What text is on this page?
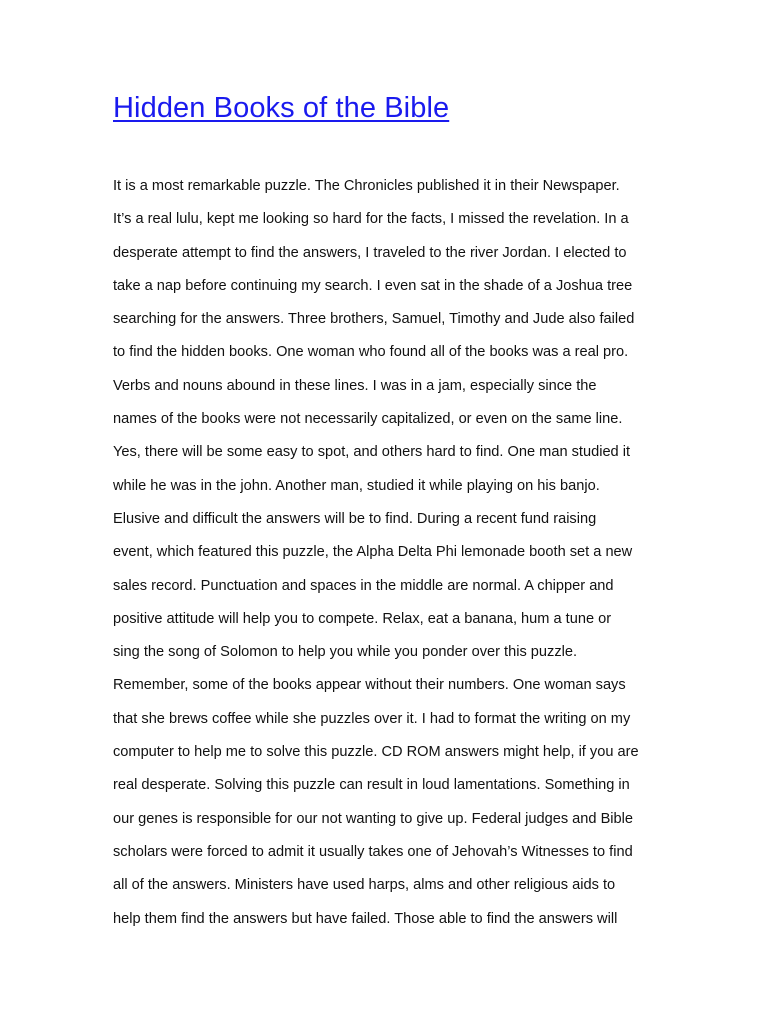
Hidden Books of the Bible
It is a most remarkable puzzle. The Chronicles published it in their Newspaper.
It’s a real lulu, kept me looking so hard for the facts, I missed the revelation. In a
desperate attempt to find the answers, I traveled to the river Jordan. I elected to
take a nap before continuing my search. I even sat in the shade of a Joshua tree
searching for the answers. Three brothers, Samuel, Timothy and Jude also failed
to find the hidden books. One woman who found all of the books was a real pro.
Verbs and nouns abound in these lines. I was in a jam, especially since the
names of the books were not necessarily capitalized, or even on the same line.
Yes, there will be some easy to spot, and others hard to find. One man studied it
while he was in the john. Another man, studied it while playing on his banjo.
Elusive and difficult the answers will be to find. During a recent fund raising
event, which featured this puzzle, the Alpha Delta Phi lemonade booth set a new
sales record. Punctuation and spaces in the middle are normal. A chipper and
positive attitude will help you to compete. Relax, eat a banana, hum a tune or
sing the song of Solomon to help you while you ponder over this puzzle.
Remember, some of the books appear without their numbers. One woman says
that she brews coffee while she puzzles over it. I had to format the writing on my
computer to help me to solve this puzzle. CD ROM answers might help, if you are
real desperate. Solving this puzzle can result in loud lamentations. Something in
our genes is responsible for our not wanting to give up. Federal judges and Bible
scholars were forced to admit it usually takes one of Jehovah’s Witnesses to find
all of the answers. Ministers have used harps, alms and other religious aids to
help them find the answers but have failed. Those able to find the answers will
